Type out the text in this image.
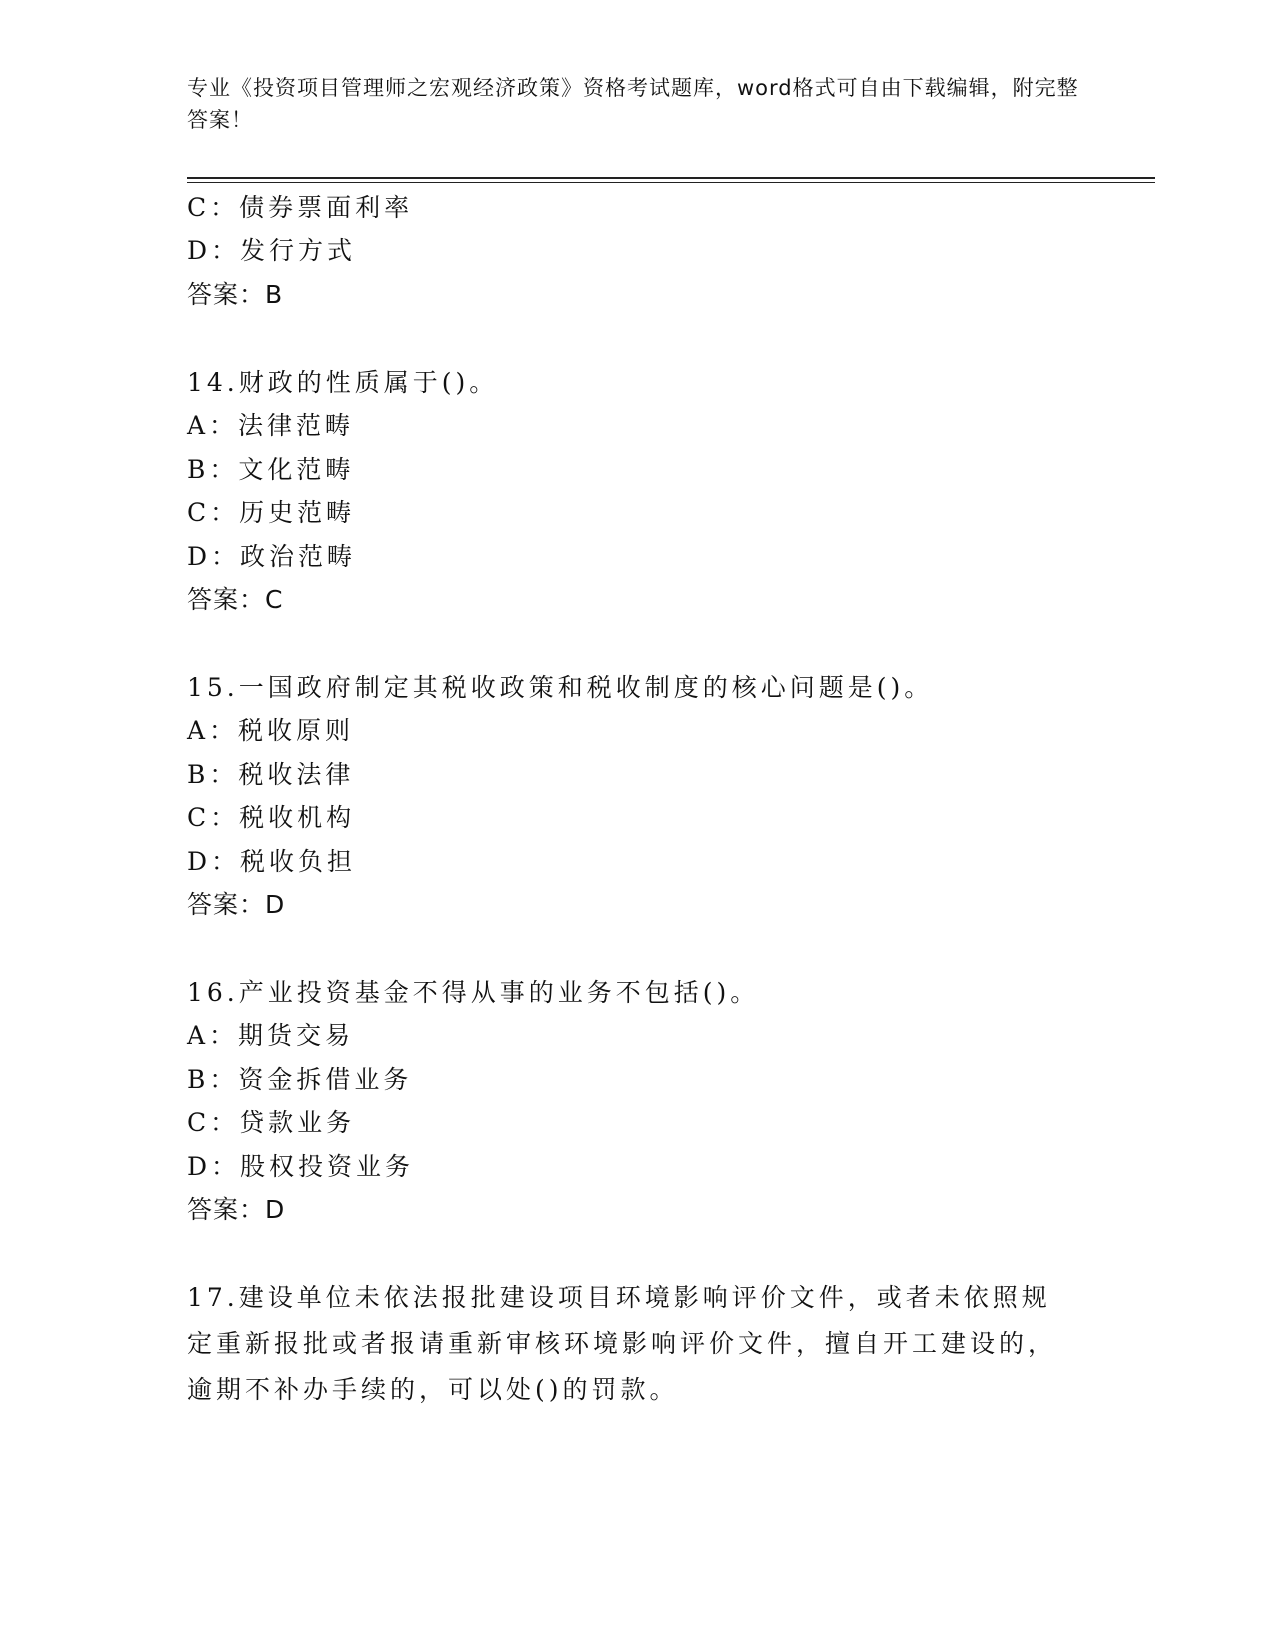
专业《投资项目管理师之宏观经济政策》资格考试题库，word格式可自由下载编辑，附完整答案！
C：债券票面利率
D：发行方式
答案：B
14.财政的性质属于()。
A：法律范畴
B：文化范畴
C：历史范畴
D：政治范畴
答案：C
15.一国政府制定其税收政策和税收制度的核心问题是()。
A：税收原则
B：税收法律
C：税收机构
D：税收负担
答案：D
16.产业投资基金不得从事的业务不包括()。
A：期货交易
B：资金拆借业务
C：贷款业务
D：股权投资业务
答案：D
17.建设单位未依法报批建设项目环境影响评价文件，或者未依照规定重新报批或者报请重新审核环境影响评价文件，擅自开工建设的，逾期不补办手续的，可以处()的罚款。
